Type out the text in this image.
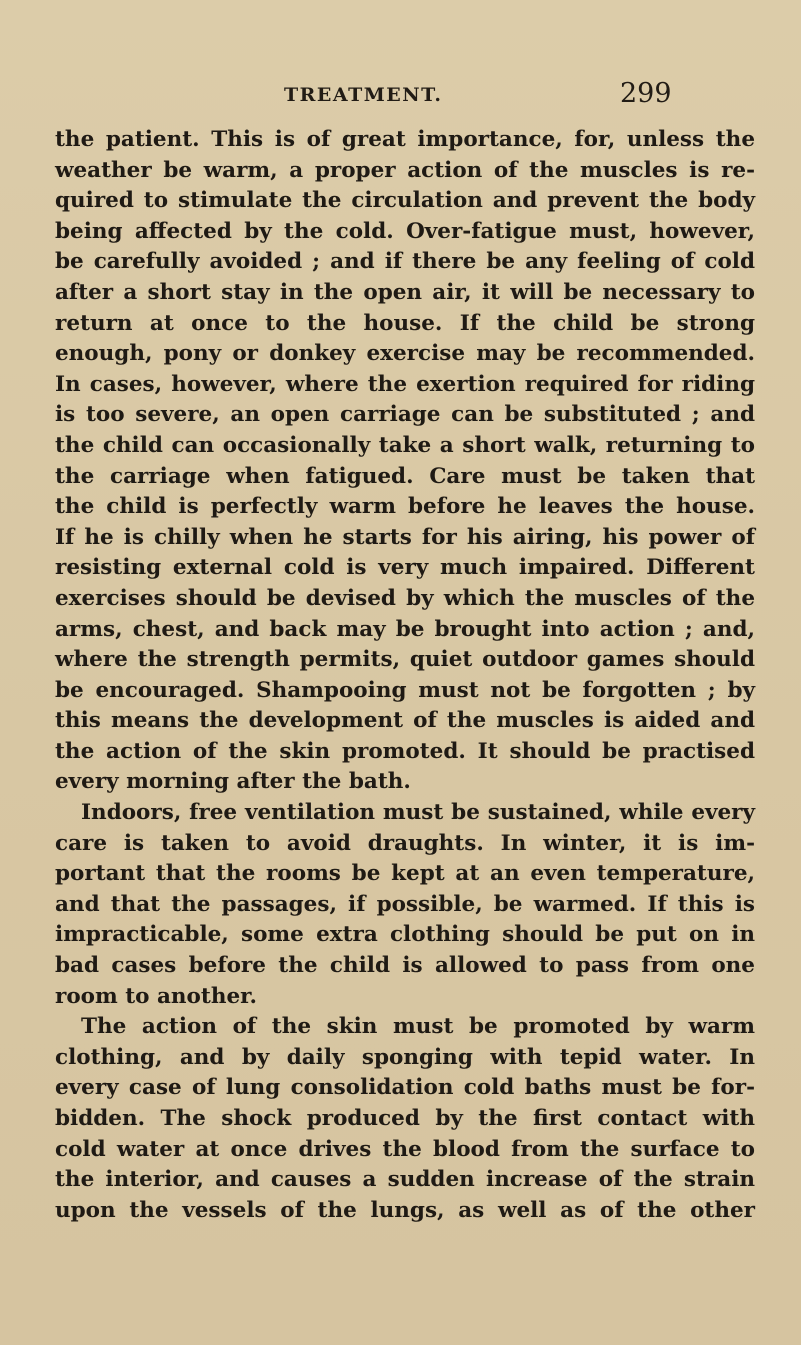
TREATMENT.	299
the patient. This is of great importance, for, unless the
weather be warm, a proper action of the muscles is re-
quired to stimulate the circulation and prevent the body
being affected by the cold. Over-fatigue must, however,
be carefully avoided ; and if there be any feeling of cold
after a short stay in the open air, it will be necessary to
return at once to the house. If the child be strong
enough, pony or donkey exercise may be recommended.
In cases, however, where the exertion required for riding
is too severe, an open carriage can be substituted ; and
the child can occasionally take a short walk, returning to
the carriage when fatigued. Care must be taken that
the child is perfectly warm before he leaves the house.
If he is chilly when he starts for his airing, his power of
resisting external cold is very much impaired. Different
exercises should be devised by which the muscles of the
arms, chest, and back may be brought into action ; and,
where the strength permits, quiet outdoor games should
be encouraged. Shampooing must not be forgotten ; by
this means the development of the muscles is aided and
the action of the skin promoted. It should be practised
every morning after the bath.
Indoors, free ventilation must be sustained, while every
care is taken to avoid draughts. In winter, it is im-
portant that the rooms be kept at an even temperature,
and that the passages, if possible, be warmed. If this is
impracticable, some extra clothing should be put on in
bad cases before the child is allowed to pass from one
room to another.
The action of the skin must be promoted by warm
clothing, and by daily sponging with tepid water. In
every case of lung consolidation cold baths must be for-
bidden. The shock produced by the first contact with
cold water at once drives the blood from the surface to
the interior, and causes a sudden increase of the strain
upon the vessels of the lungs, as well as of the other
